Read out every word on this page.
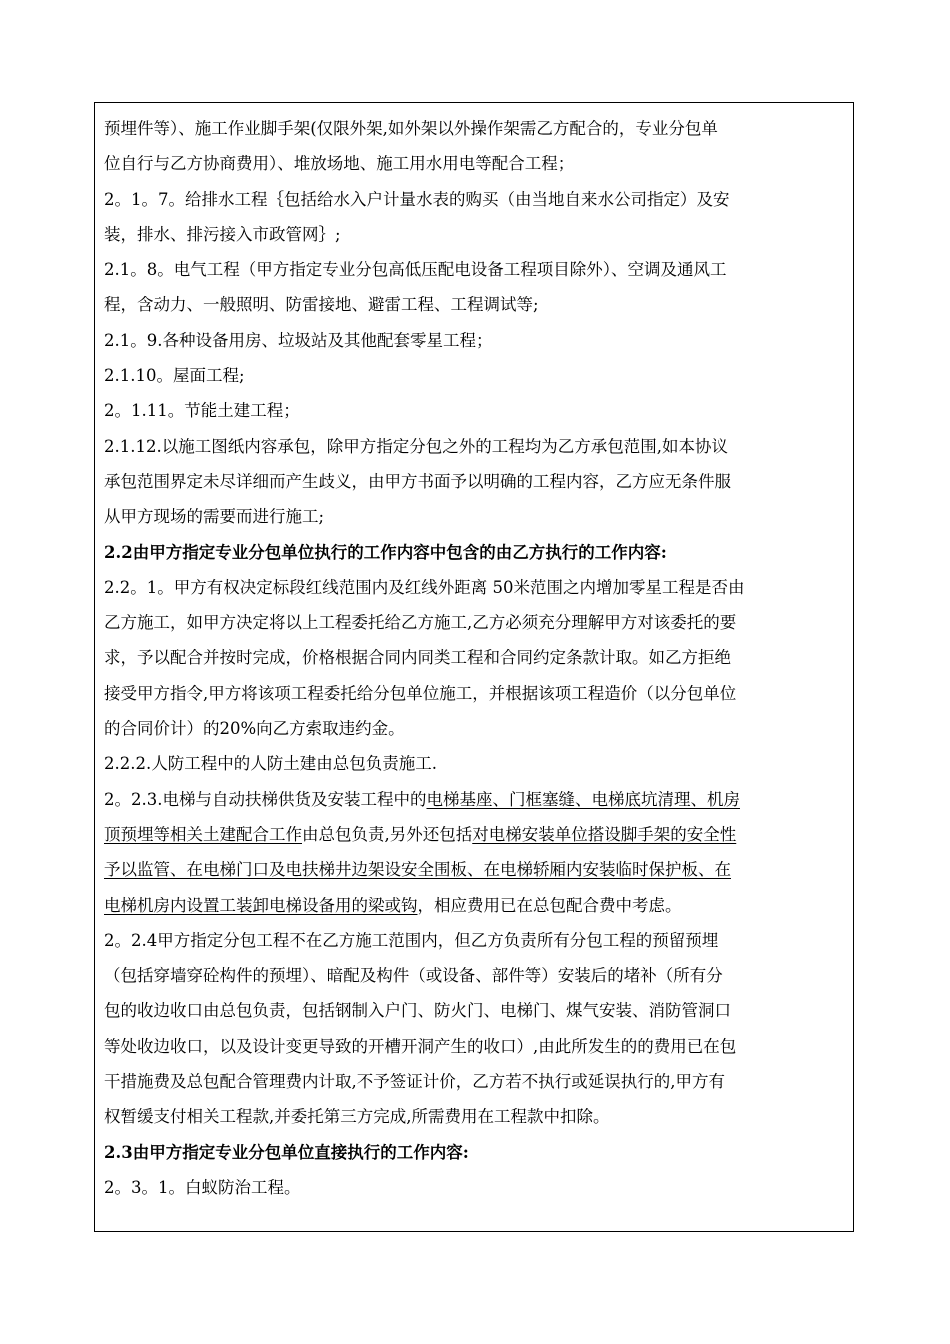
预埋件等）、施工作业脚手架(仅限外架,如外架以外操作架需乙方配合的，专业分包单
位自行与乙方协商费用）、堆放场地、施工用水用电等配合工程；
2。1。7。给排水工程｛包括给水入户计量水表的购买（由当地自来水公司指定）及安
装，排水、排污接入市政管网｝;
2.1。8。电气工程（甲方指定专业分包高低压配电设备工程项目除外）、空调及通风工
程，含动力、一般照明、防雷接地、避雷工程、工程调试等;
2.1。9.各种设备用房、垃圾站及其他配套零星工程；
2.1.10。屋面工程;
2。1.11。节能土建工程；
2.1.12.以施工图纸内容承包，除甲方指定分包之外的工程均为乙方承包范围,如本协议
承包范围界定未尽详细而产生歧义，由甲方书面予以明确的工程内容，乙方应无条件服
从甲方现场的需要而进行施工;
2.2由甲方指定专业分包单位执行的工作内容中包含的由乙方执行的工作内容:
2.2。1。甲方有权决定标段红线范围内及红线外距离 50米范围之内增加零星工程是否由
乙方施工，如甲方决定将以上工程委托给乙方施工,乙方必须充分理解甲方对该委托的要
求，予以配合并按时完成，价格根据合同内同类工程和合同约定条款计取。如乙方拒绝
接受甲方指令,甲方将该项工程委托给分包单位施工，并根据该项工程造价（以分包单位
的合同价计）的20%向乙方索取违约金。
2.2.2.人防工程中的人防土建由总包负责施工.
2。2.3.电梯与自动扶梯供货及安装工程中的电梯基座、门框塞缝、电梯底坑清理、机房
顶预埋等相关土建配合工作由总包负责,另外还包括对电梯安装单位搭设脚手架的安全性
予以监管、在电梯门口及电扶梯井边架设安全围板、在电梯轿厢内安装临时保护板、在
电梯机房内设置工装卸电梯设备用的梁或钩，相应费用已在总包配合费中考虑。
2。2.4甲方指定分包工程不在乙方施工范围内，但乙方负责所有分包工程的预留预埋
（包括穿墙穿砼构件的预埋）、暗配及构件（或设备、部件等）安装后的堵补（所有分
包的收边收口由总包负责，包括钢制入户门、防火门、电梯门、煤气安装、消防管洞口
等处收边收口，以及设计变更导致的开槽开洞产生的收口）,由此所发生的的费用已在包
干措施费及总包配合管理费内计取,不予签证计价，乙方若不执行或延误执行的,甲方有
权暂缓支付相关工程款,并委托第三方完成,所需费用在工程款中扣除。
2.3由甲方指定专业分包单位直接执行的工作内容:
2。3。1。白蚁防治工程。
